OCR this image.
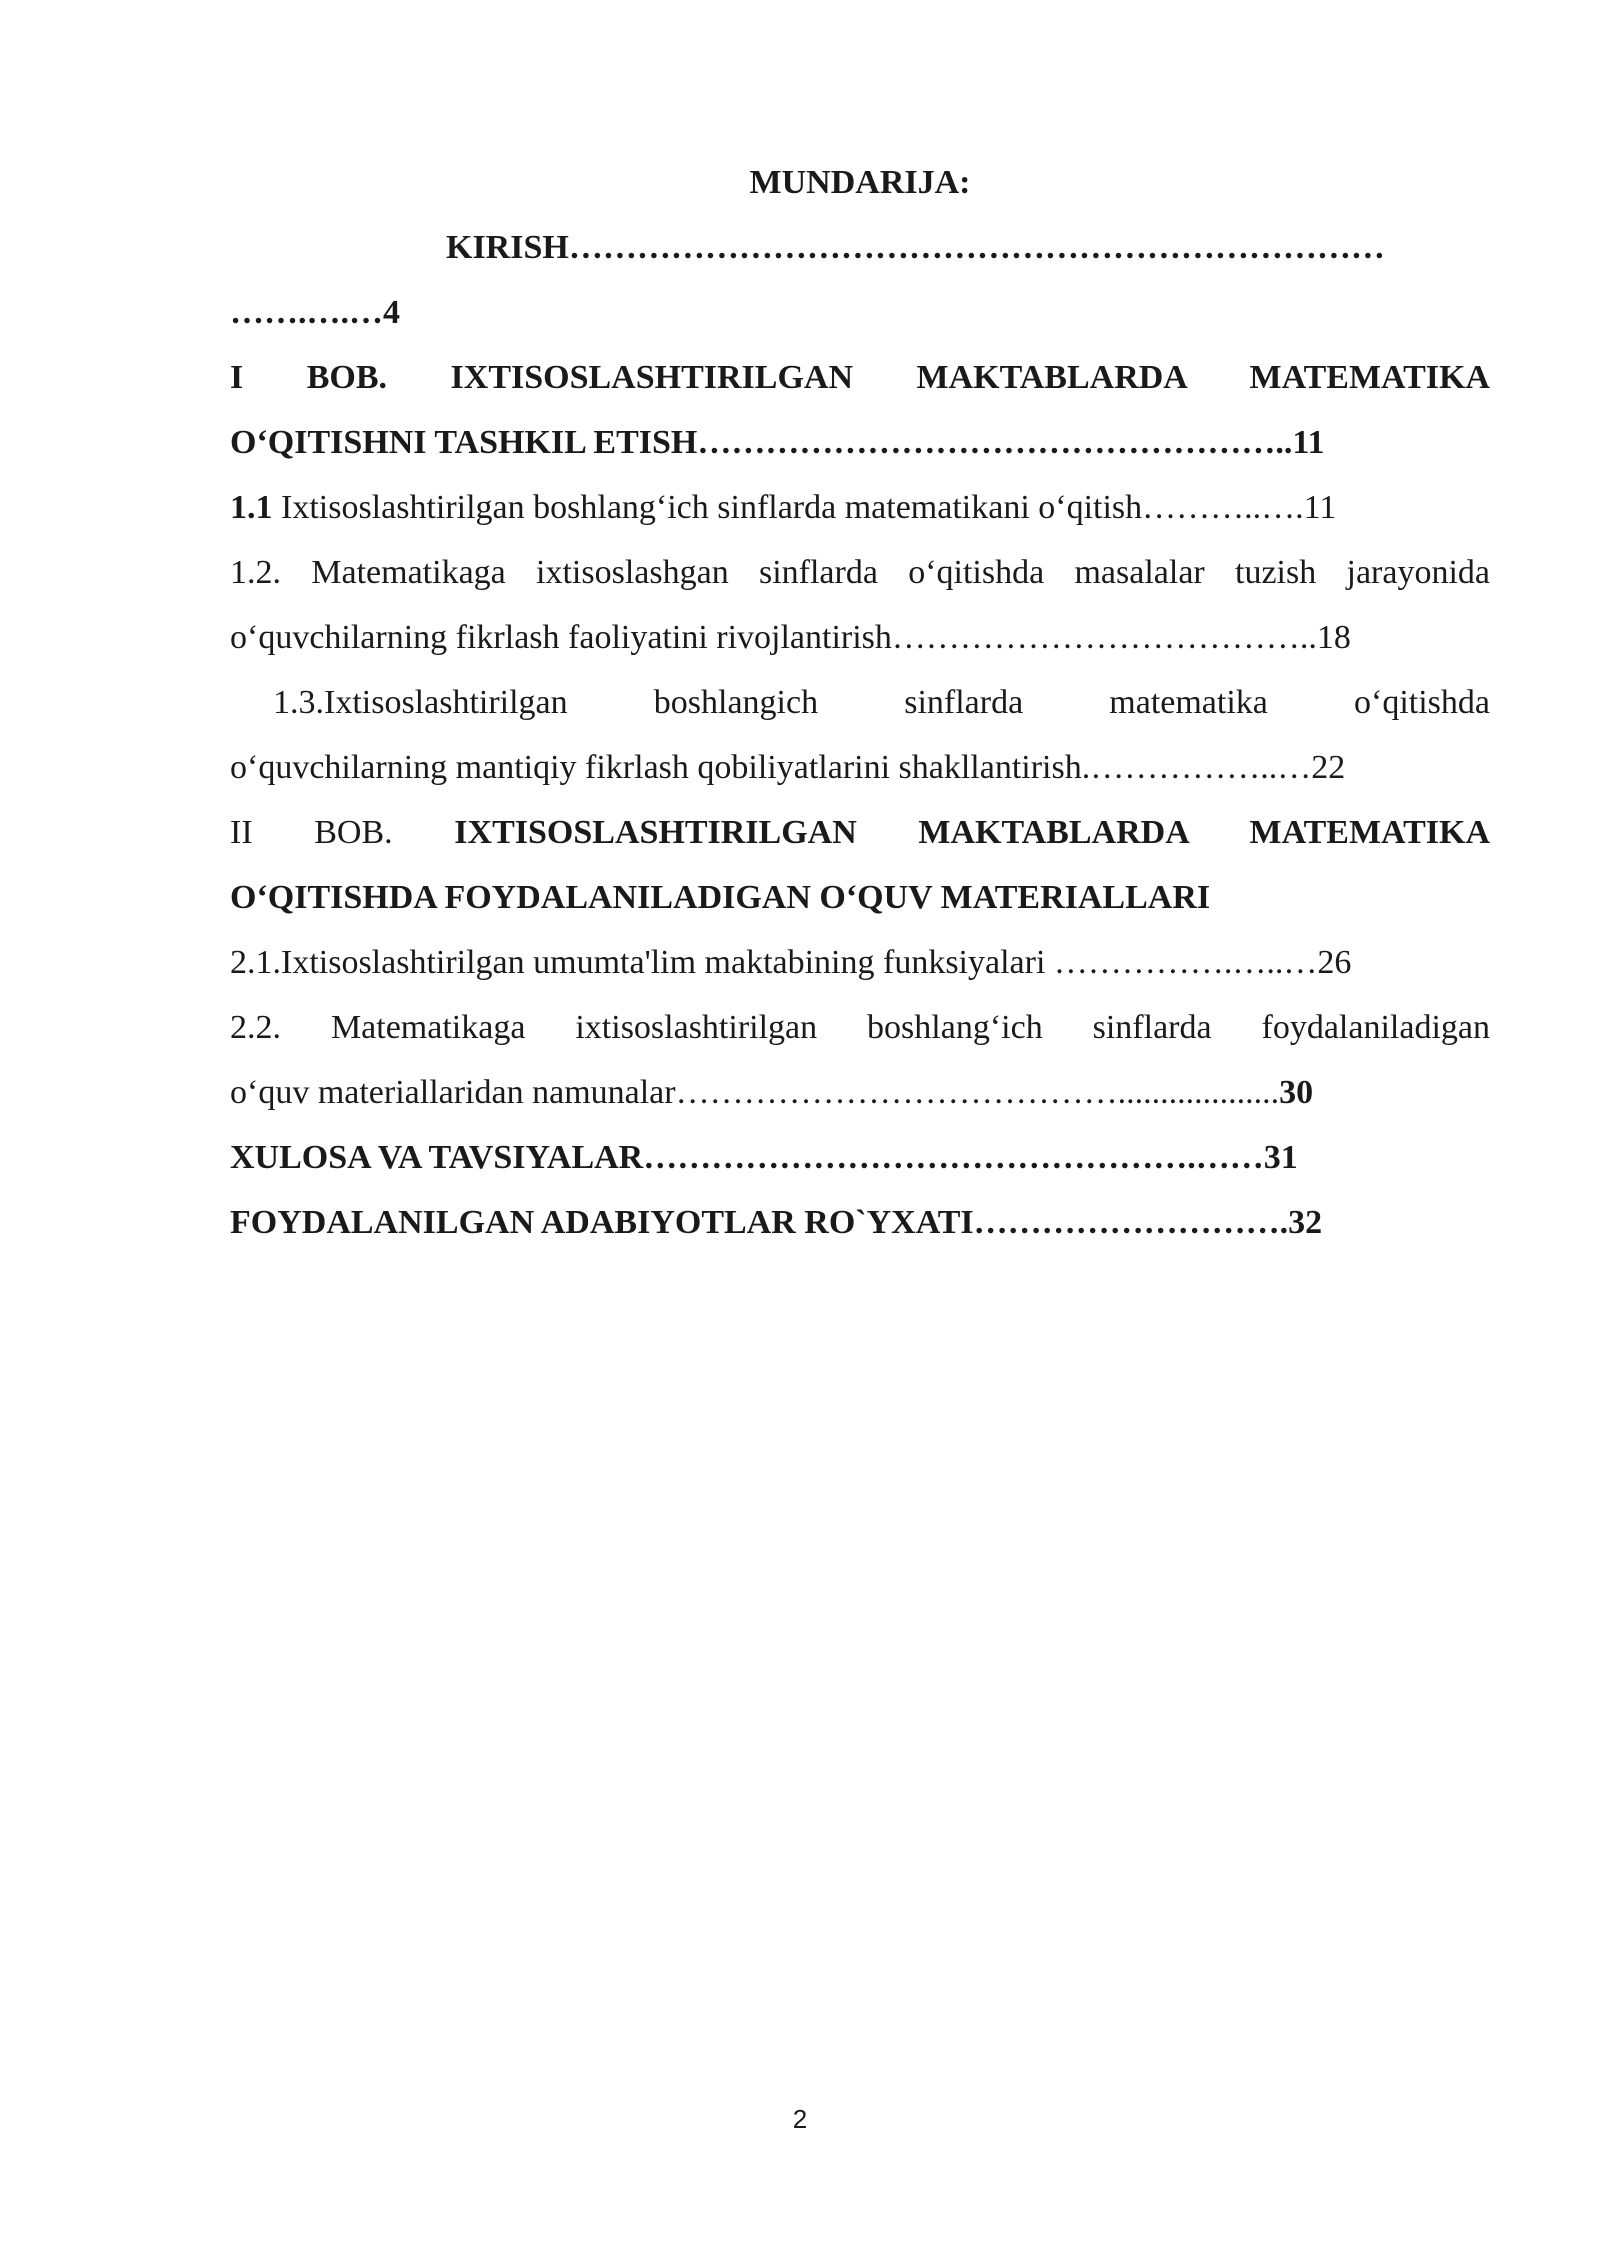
MUNDARIJA:
KIRISH………………………………………………………………
…….….…4
I BOB. IXTISOSLASHTIRILGAN MAKTABLARDA MATEMATIKA
O‘QITISHNI TASHKIL ETISH……………………………………………..11
1.1 Ixtisoslashtirilgan boshlang‘ich sinflarda matematikani o‘qitish………..….11
1.2. Matematikaga ixtisoslashgan sinflarda o‘qitishda masalalar tuzish jarayonida
o‘quvchilarning fikrlash faoliyatini rivojlantirish………………………………..18
1.3.Ixtisoslashtirilgan boshlangich sinflarda matematika o‘qitishda
o‘quvchilarning mantiqiy fikrlash qobiliyatlarini shakllantirish.……………..…22
II BOB. IXTISOSLASHTIRILGAN MAKTABLARDA MATEMATIKA
O‘QITISHDA FOYDALANILADIGAN O‘QUV MATERIALLARI
2.1.Ixtisoslashtirilgan umumta'lim maktabining funksiyalari …………….…..…26
2.2. Matematikaga ixtisoslashtirilgan boshlang‘ich sinflarda foydalaniladigan
o‘quv materiallaridan namunalar…………………………………...................30
XULOSA VA TAVSIYALAR………………………………………….……31
FOYDALANILGAN ADABIYOTLAR RO`YXATI……………………….32
2
